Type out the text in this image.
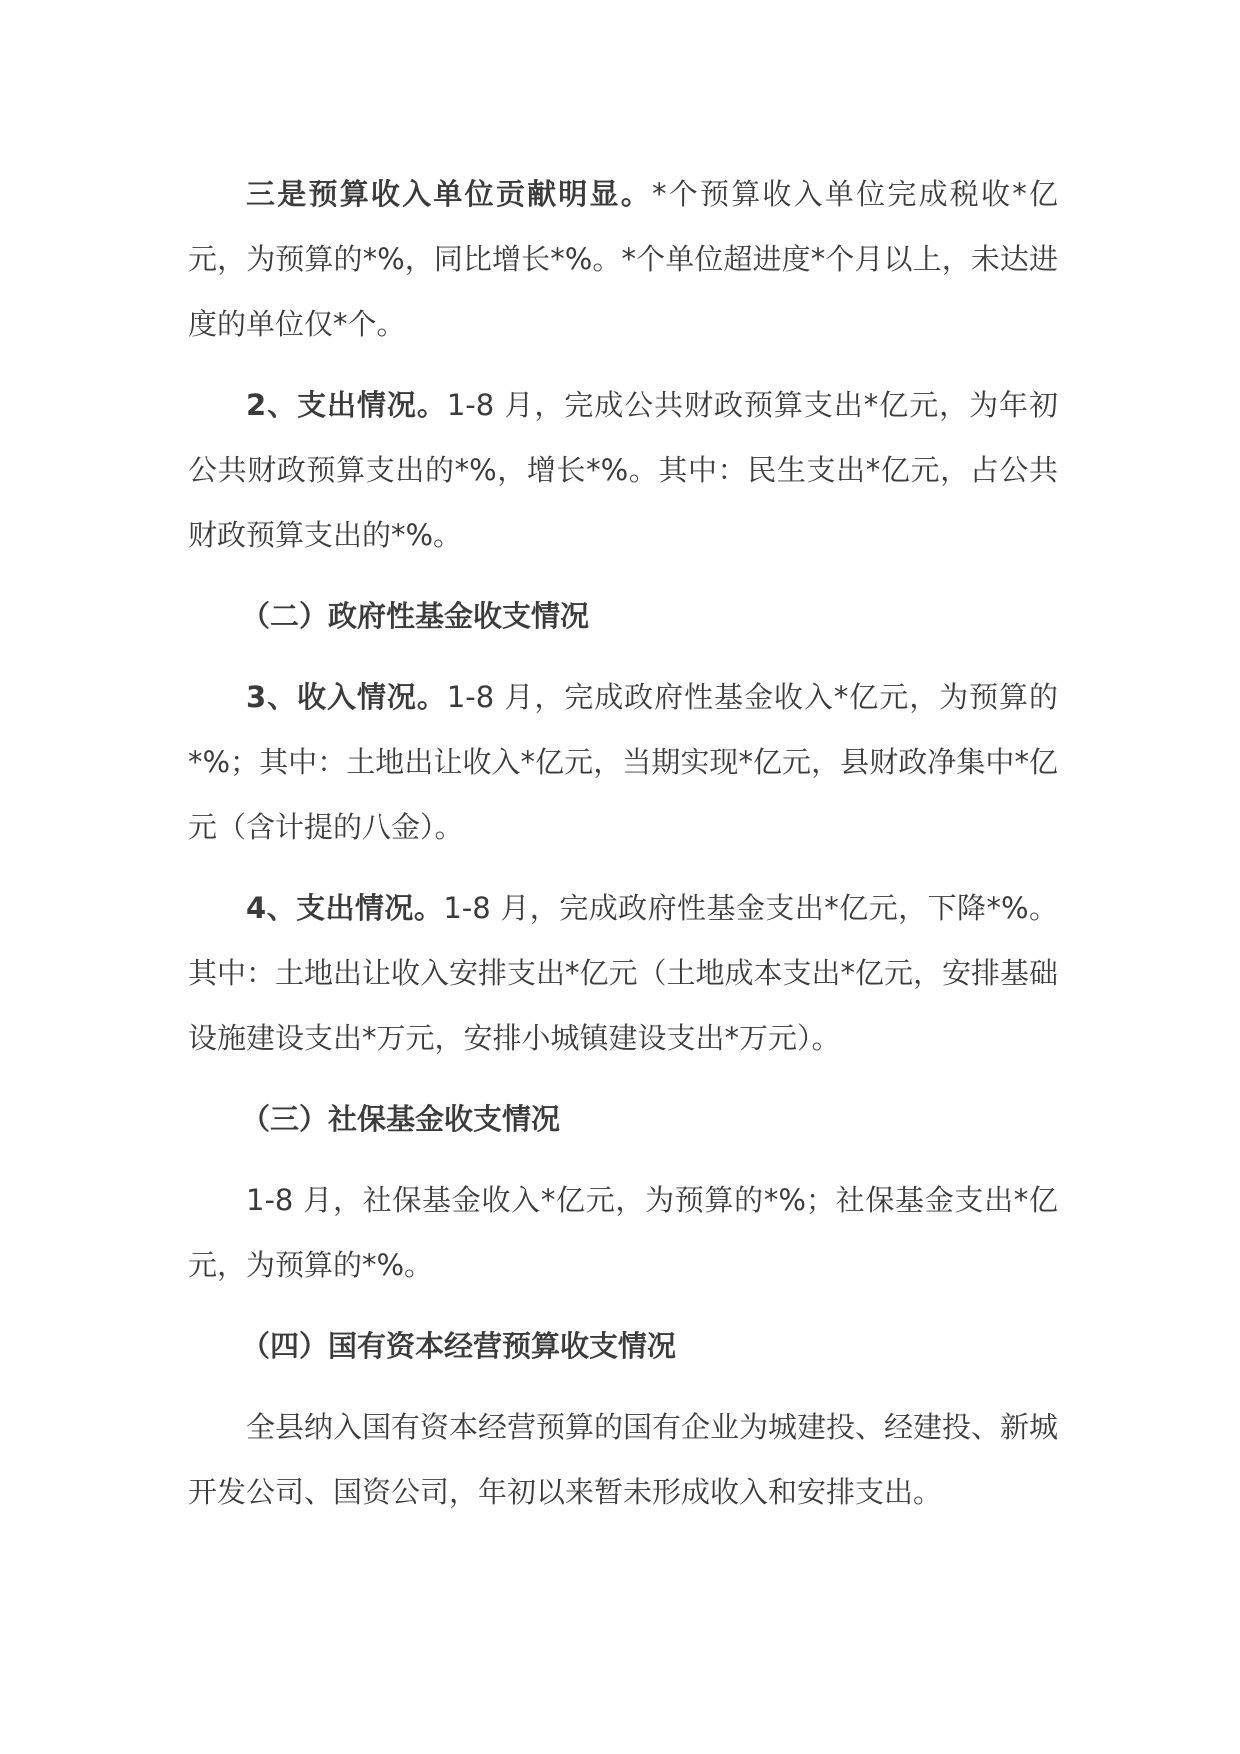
三是预算收入单位贡献明显。*个预算收入单位完成税收*亿元，为预算的*%，同比增长*%。*个单位超进度*个月以上，未达进度的单位仅*个。

2、支出情况。1-8 月，完成公共财政预算支出*亿元，为年初公共财政预算支出的*%，增长*%。其中：民生支出*亿元，占公共财政预算支出的*%。

（二）政府性基金收支情况

3、收入情况。1-8 月，完成政府性基金收入*亿元，为预算的*%；其中：土地出让收入*亿元，当期实现*亿元，县财政净集中*亿元（含计提的八金）。

4、支出情况。1-8 月，完成政府性基金支出*亿元，下降*%。其中：土地出让收入安排支出*亿元（土地成本支出*亿元，安排基础设施建设支出*万元，安排小城镇建设支出*万元）。

（三）社保基金收支情况

1-8 月，社保基金收入*亿元，为预算的*%；社保基金支出*亿元，为预算的*%。

（四）国有资本经营预算收支情况

全县纳入国有资本经营预算的国有企业为城建投、经建投、新城开发公司、国资公司，年初以来暂未形成收入和安排支出。
